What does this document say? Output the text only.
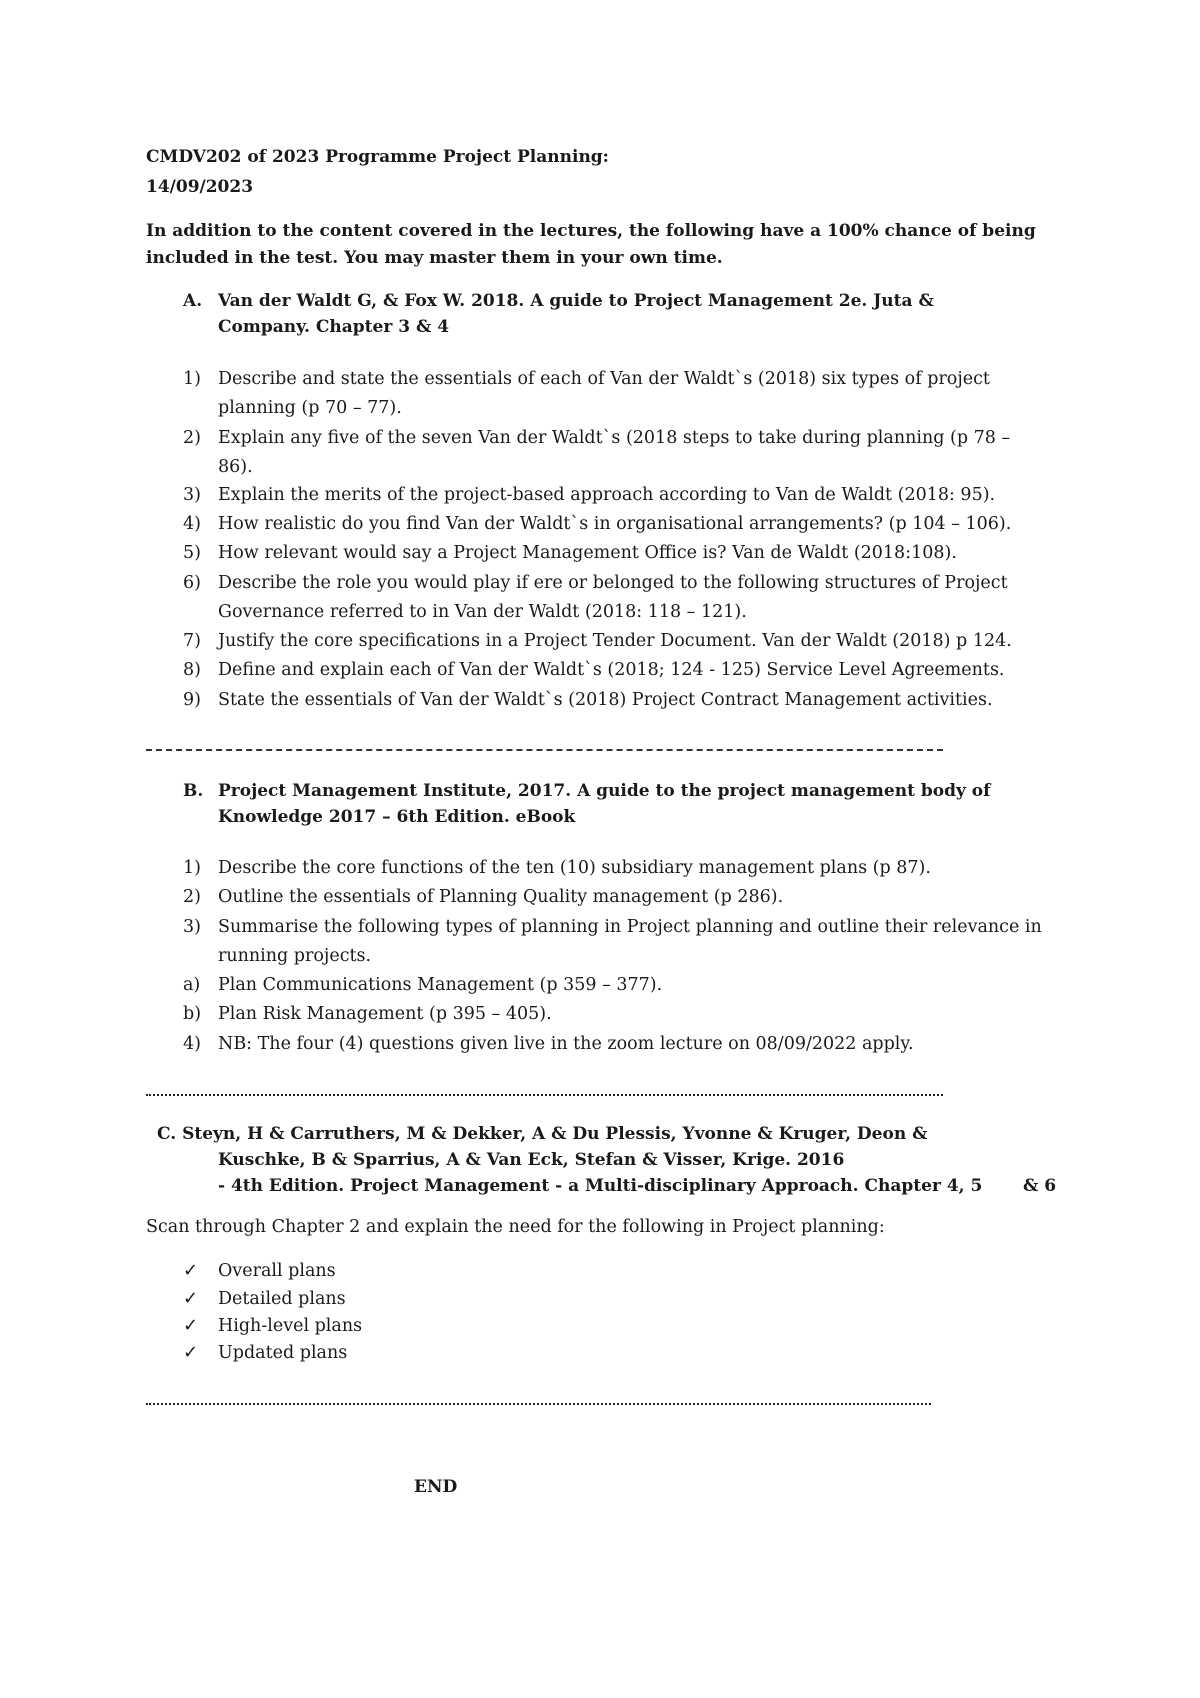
CMDV202 of 2023 Programme Project Planning:
14/09/2023
In addition to the content covered in the lectures, the following have a 100% chance of being
included in the test. You may master them in your own time.
A. Van der Waldt G, & Fox W. 2018. A guide to Project Management 2e. Juta &
Company. Chapter 3 & 4
1) Describe and state the essentials of each of Van der Waldt`s (2018) six types of project
planning (p 70 – 77).
2) Explain any five of the seven Van der Waldt`s (2018 steps to take during planning (p 78 –
86).
3) Explain the merits of the project-based approach according to Van de Waldt (2018: 95).
4) How realistic do you find Van der Waldt`s in organisational arrangements? (p 104 – 106).
5) How relevant would say a Project Management Office is? Van de Waldt (2018:108).
6) Describe the role you would play if ere or belonged to the following structures of Project
Governance referred to in Van der Waldt (2018: 118 – 121).
7) Justify the core specifications in a Project Tender Document. Van der Waldt (2018) p 124.
8) Define and explain each of Van der Waldt`s (2018; 124 - 125) Service Level Agreements.
9) State the essentials of Van der Waldt`s (2018) Project Contract Management activities.
B. Project Management Institute, 2017. A guide to the project management body of
Knowledge 2017 – 6th Edition. eBook
1) Describe the core functions of the ten (10) subsidiary management plans (p 87).
2) Outline the essentials of Planning Quality management (p 286).
3) Summarise the following types of planning in Project planning and outline their relevance in
running projects.
a) Plan Communications Management (p 359 – 377).
b) Plan Risk Management (p 395 – 405).
4) NB: The four (4) questions given live in the zoom lecture on 08/09/2022 apply.
C. Steyn, H & Carruthers, M & Dekker, A & Du Plessis, Yvonne & Kruger, Deon &
Kuschke, B & Sparrius, A & Van Eck, Stefan & Visser, Krige. 2016
- 4th Edition. Project Management - a Multi-disciplinary Approach. Chapter 4, 5 & 6
Scan through Chapter 2 and explain the need for the following in Project planning:
✓ Overall plans
✓ Detailed plans
✓ High-level plans
✓ Updated plans
END
